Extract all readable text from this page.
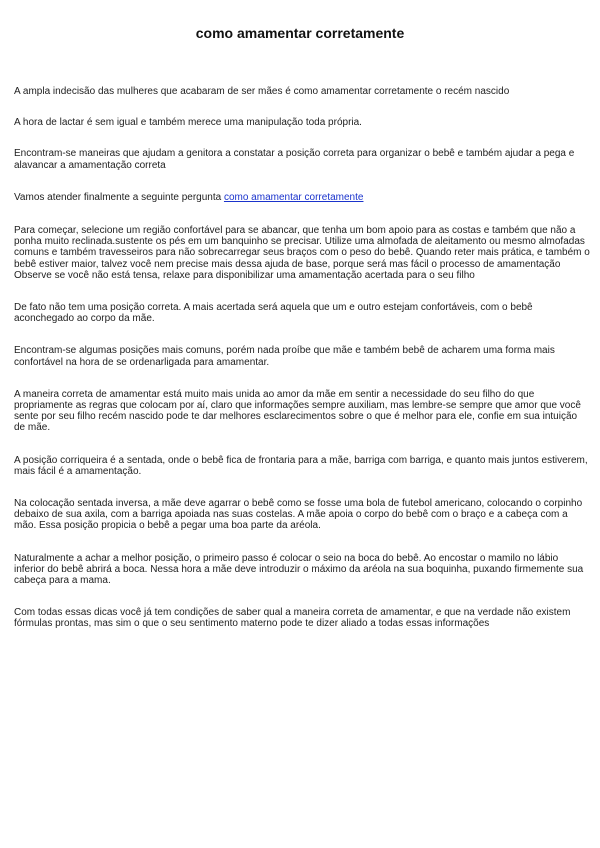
como amamentar corretamente

A ampla indecisão das mulheres que acabaram de ser mães é como amamentar corretamente o recém nascido

A hora de lactar é sem igual e também merece uma manipulação toda própria.

Encontram-se maneiras que ajudam a genitora a constatar a posição correta para organizar o bebê e também ajudar a pega e alavancar a amamentação correta

Vamos atender finalmente a seguinte pergunta como amamentar corretamente

Para começar, selecione um região confortável para se abancar, que tenha um bom apoio para as costas e também que não a ponha muito reclinada.sustente os pés em um banquinho se precisar. Utilize uma almofada de aleitamento ou mesmo almofadas comuns e também travesseiros para não sobrecarregar seus braços com o peso do bebê. Quando reter mais prática, e também o bebê estiver maior, talvez você nem precise mais dessa ajuda de base, porque será mas fácil o processo de amamentação Observe se você não está tensa, relaxe para disponibilizar uma amamentação acertada para o seu filho

De fato não tem uma posição correta. A mais acertada será aquela que um e outro estejam confortáveis, com o bebê aconchegado ao corpo da mãe.

Encontram-se algumas posições mais comuns, porém nada proíbe que mãe e também bebê de acharem uma forma mais confortável na hora de se ordenarligada para amamentar.

A maneira correta de amamentar está muito mais unida ao amor da mãe em sentir a necessidade do seu filho do que propriamente as regras que colocam por aí, claro que informações sempre auxiliam, mas lembre-se sempre que amor que você sente por seu filho recém nascido pode te dar melhores esclarecimentos sobre o que é melhor para ele, confie em sua intuição de mãe.

A posição corriqueira é a sentada, onde o bebê fica de frontaria para a mãe, barriga com barriga, e quanto mais juntos estiverem, mais fácil é a amamentação.

Na colocação sentada inversa, a mãe deve agarrar o bebê como se fosse uma bola de futebol americano, colocando o corpinho debaixo de sua axila, com a barriga apoiada nas suas costelas. A mãe apoia o corpo do bebê com o braço e a cabeça com a mão. Essa posição propicia o bebê a pegar uma boa parte da aréola.

Naturalmente a achar a melhor posição, o primeiro passo é colocar o seio na boca do bebê. Ao encostar o mamilo no lábio inferior do bebê abrirá a boca. Nessa hora a mãe deve introduzir o máximo da aréola na sua boquinha, puxando firmemente sua cabeça para a mama.

Com todas essas dicas você já tem condições de saber qual a maneira correta de amamentar, e que na verdade não existem fórmulas prontas, mas sim o que o seu sentimento materno pode te dizer aliado a todas essas informações
